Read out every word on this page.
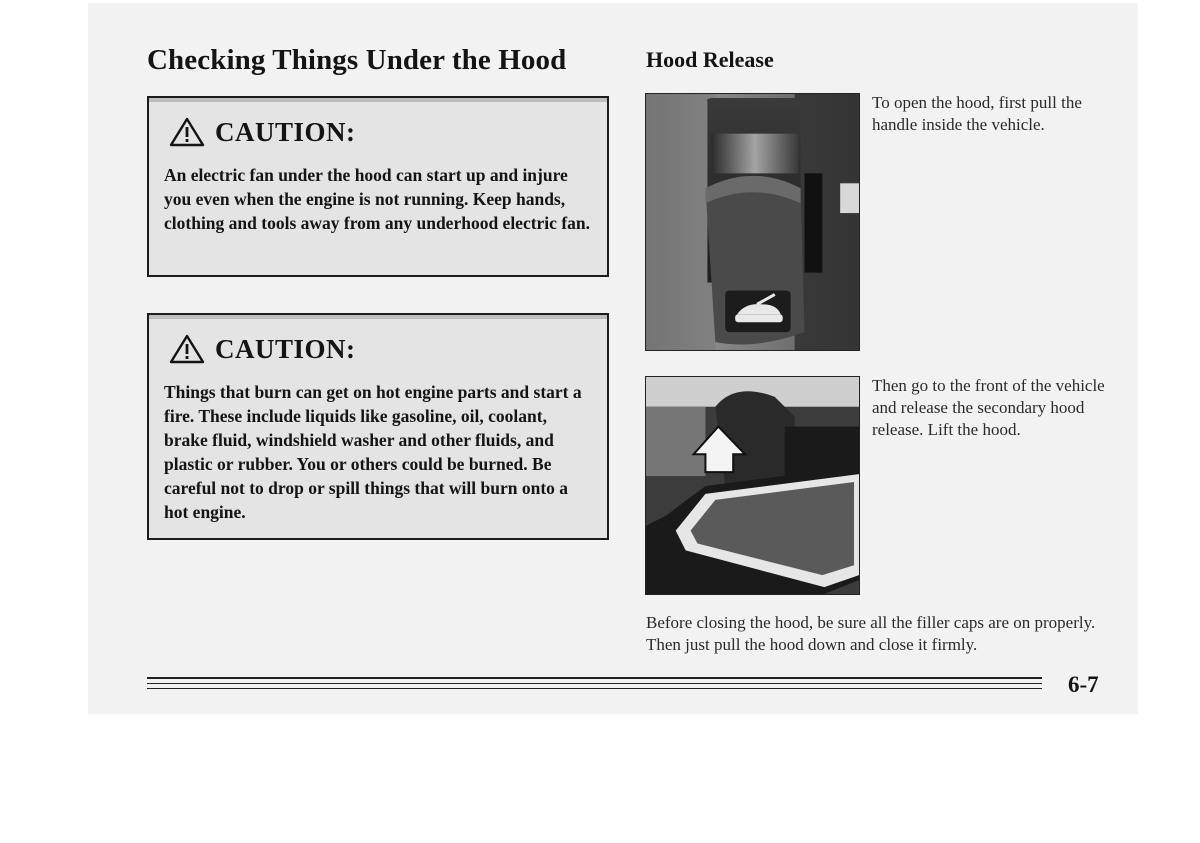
Checking Things Under the Hood	Hood Release
CAUTION:
An electric fan under the hood can start up and injure you even when the engine is not running. Keep hands, clothing and tools away from any underhood electric fan.
CAUTION:
Things that burn can get on hot engine parts and start a fire. These include liquids like gasoline, oil, coolant, brake fluid, windshield washer and other fluids, and plastic or rubber. You or others could be burned. Be careful not to drop or spill things that will burn onto a hot engine.
To open the hood, first pull the handle inside the vehicle.
Then go to the front of the vehicle and release the secondary hood release. Lift the hood.
Before closing the hood, be sure all the filler caps are on properly. Then just pull the hood down and close it firmly.
6-7
